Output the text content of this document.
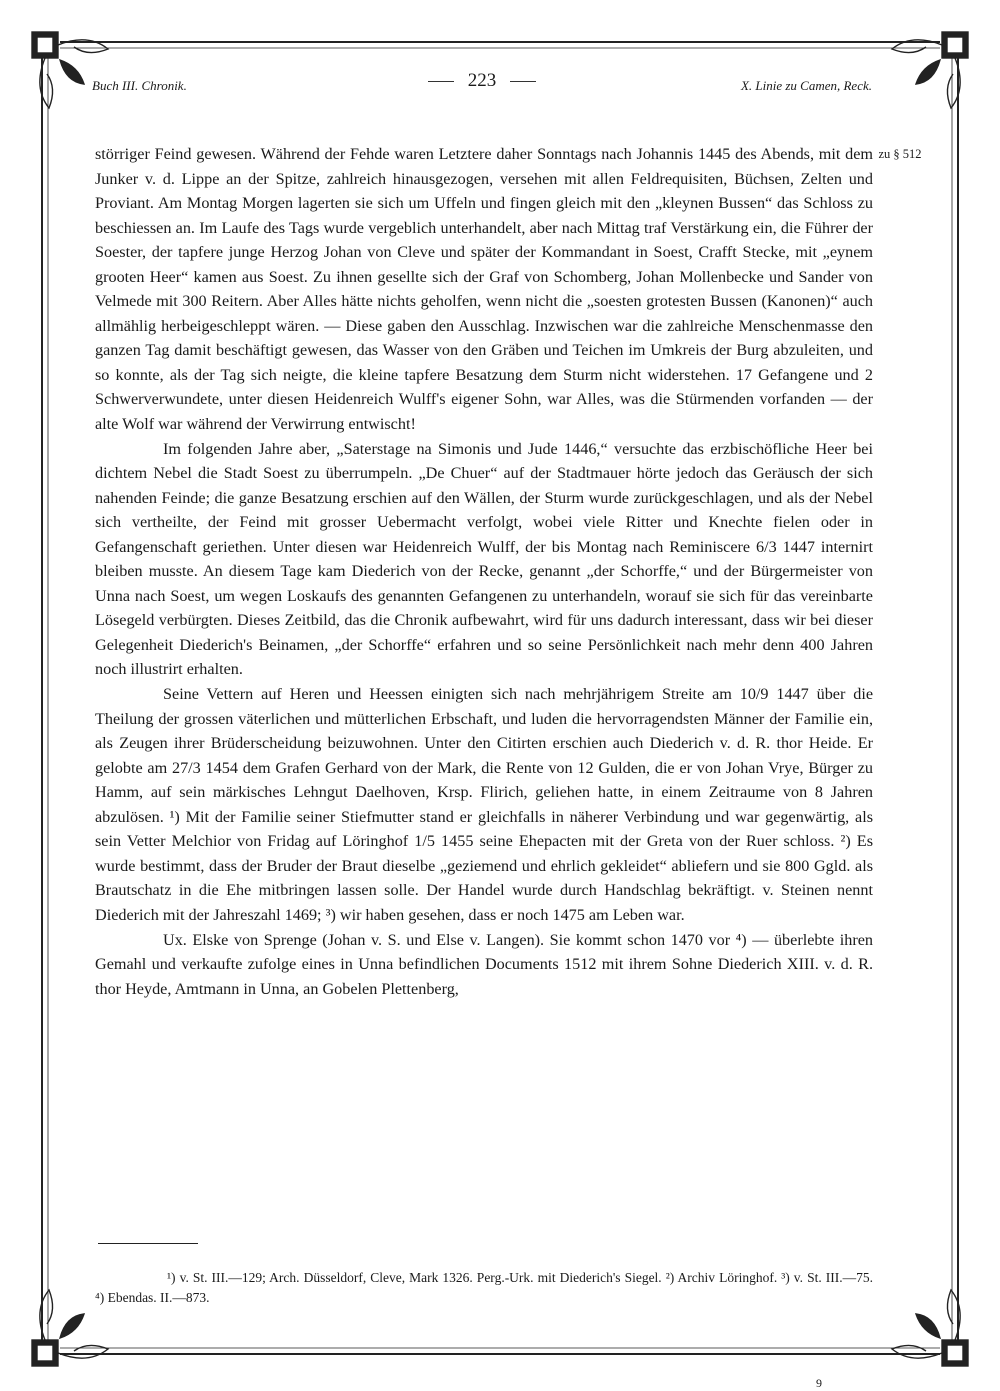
Buch III. Chronik.	223	X. Linie zu Camen, Reck.
zu § 512

störriger Feind gewesen. Während der Fehde waren Letztere daher Sonntags nach Johannis 1445 des Abends, mit dem Junker v. d. Lippe an der Spitze, zahlreich hinausgezogen, versehen mit allen Feldrequisiten, Büchsen, Zelten und Proviant. Am Montag Morgen lagerten sie sich um Uffeln und fingen gleich mit den „kleynen Bussen“ das Schloss zu beschiessen an. Im Laufe des Tags wurde vergeblich unterhandelt, aber nach Mittag traf Verstärkung ein, die Führer der Soester, der tapfere junge Herzog Johan von Cleve und später der Kommandant in Soest, Crafft Stecke, mit „eynem grooten Heer“ kamen aus Soest. Zu ihnen gesellte sich der Graf von Schomberg, Johan Mollenbecke und Sander von Velmede mit 300 Reitern. Aber Alles hätte nichts geholfen, wenn nicht die „soesten grotesten Bussen (Kanonen)“ auch allmählig herbeigeschleppt wären. — Diese gaben den Ausschlag. Inzwischen war die zahlreiche Menschenmasse den ganzen Tag damit beschäftigt gewesen, das Wasser von den Gräben und Teichen im Umkreis der Burg abzuleiten, und so konnte, als der Tag sich neigte, die kleine tapfere Besatzung dem Sturm nicht widerstehen. 17 Gefangene und 2 Schwerverwundete, unter diesen Heidenreich Wulff's eigener Sohn, war Alles, was die Stürmenden vorfanden — der alte Wolf war während der Verwirrung entwischt!

Im folgenden Jahre aber, „Saterstage na Simonis und Jude 1446,“ versuchte das erzbischöfliche Heer bei dichtem Nebel die Stadt Soest zu überrumpeln. „De Chuer“ auf der Stadtmauer hörte jedoch das Geräusch der sich nahenden Feinde; die ganze Besatzung erschien auf den Wällen, der Sturm wurde zurückgeschlagen, und als der Nebel sich vertheilte, der Feind mit grosser Uebermacht verfolgt, wobei viele Ritter und Knechte fielen oder in Gefangenschaft geriethen. Unter diesen war Heidenreich Wulff, der bis Montag nach Reminiscere 6/3 1447 internirt bleiben musste. An diesem Tage kam Diederich von der Recke, genannt „der Schorffe,“ und der Bürgermeister von Unna nach Soest, um wegen Loskaufs des genannten Gefangenen zu unterhandeln, worauf sie sich für das vereinbarte Lösegeld verbürgten. Dieses Zeitbild, das die Chronik aufbewahrt, wird für uns dadurch interessant, dass wir bei dieser Gelegenheit Diederich's Beinamen, „der Schorffe“ erfahren und so seine Persönlichkeit nach mehr denn 400 Jahren noch illustrirt erhalten.

Seine Vettern auf Heren und Heessen einigten sich nach mehrjährigem Streite am 10/9 1447 über die Theilung der grossen väterlichen und mütterlichen Erbschaft, und luden die hervorragendsten Männer der Familie ein, als Zeugen ihrer Brüderscheidung beizuwohnen. Unter den Citirten erschien auch Diederich v. d. R. thor Heide. Er gelobte am 27/3 1454 dem Grafen Gerhard von der Mark, die Rente von 12 Gulden, die er von Johan Vrye, Bürger zu Hamm, auf sein märkisches Lehngut Daelhoven, Krsp. Flirich, geliehen hatte, in einem Zeitraume von 8 Jahren abzulösen. ¹) Mit der Familie seiner Stiefmutter stand er gleichfalls in näherer Verbindung und war gegenwärtig, als sein Vetter Melchior von Fridag auf Löringhof 1/5 1455 seine Ehepacten mit der Greta von der Ruer schloss. ²) Es wurde bestimmt, dass der Bruder der Braut dieselbe „geziemend und ehrlich gekleidet“ abliefern und sie 800 Ggld. als Brautschatz in die Ehe mitbringen lassen solle. Der Handel wurde durch Handschlag bekräftigt. v. Steinen nennt Diederich mit der Jahreszahl 1469; ³) wir haben gesehen, dass er noch 1475 am Leben war.

Ux. Elske von Sprenge (Johan v. S. und Else v. Langen). Sie kommt schon 1470 vor ⁴) — überlebte ihren Gemahl und verkaufte zufolge eines in Unna befindlichen Documents 1512 mit ihrem Sohne Diederich XIII. v. d. R. thor Heyde, Amtmann in Unna, an Gobelen Plettenberg,

¹) v. St. III.—129; Arch. Düsseldorf, Cleve, Mark 1326. Perg.-Urk. mit Diederich's Siegel. ²) Archiv Löringhof. ³) v. St. III.—75. ⁴) Ebendas. II.—873.
9
